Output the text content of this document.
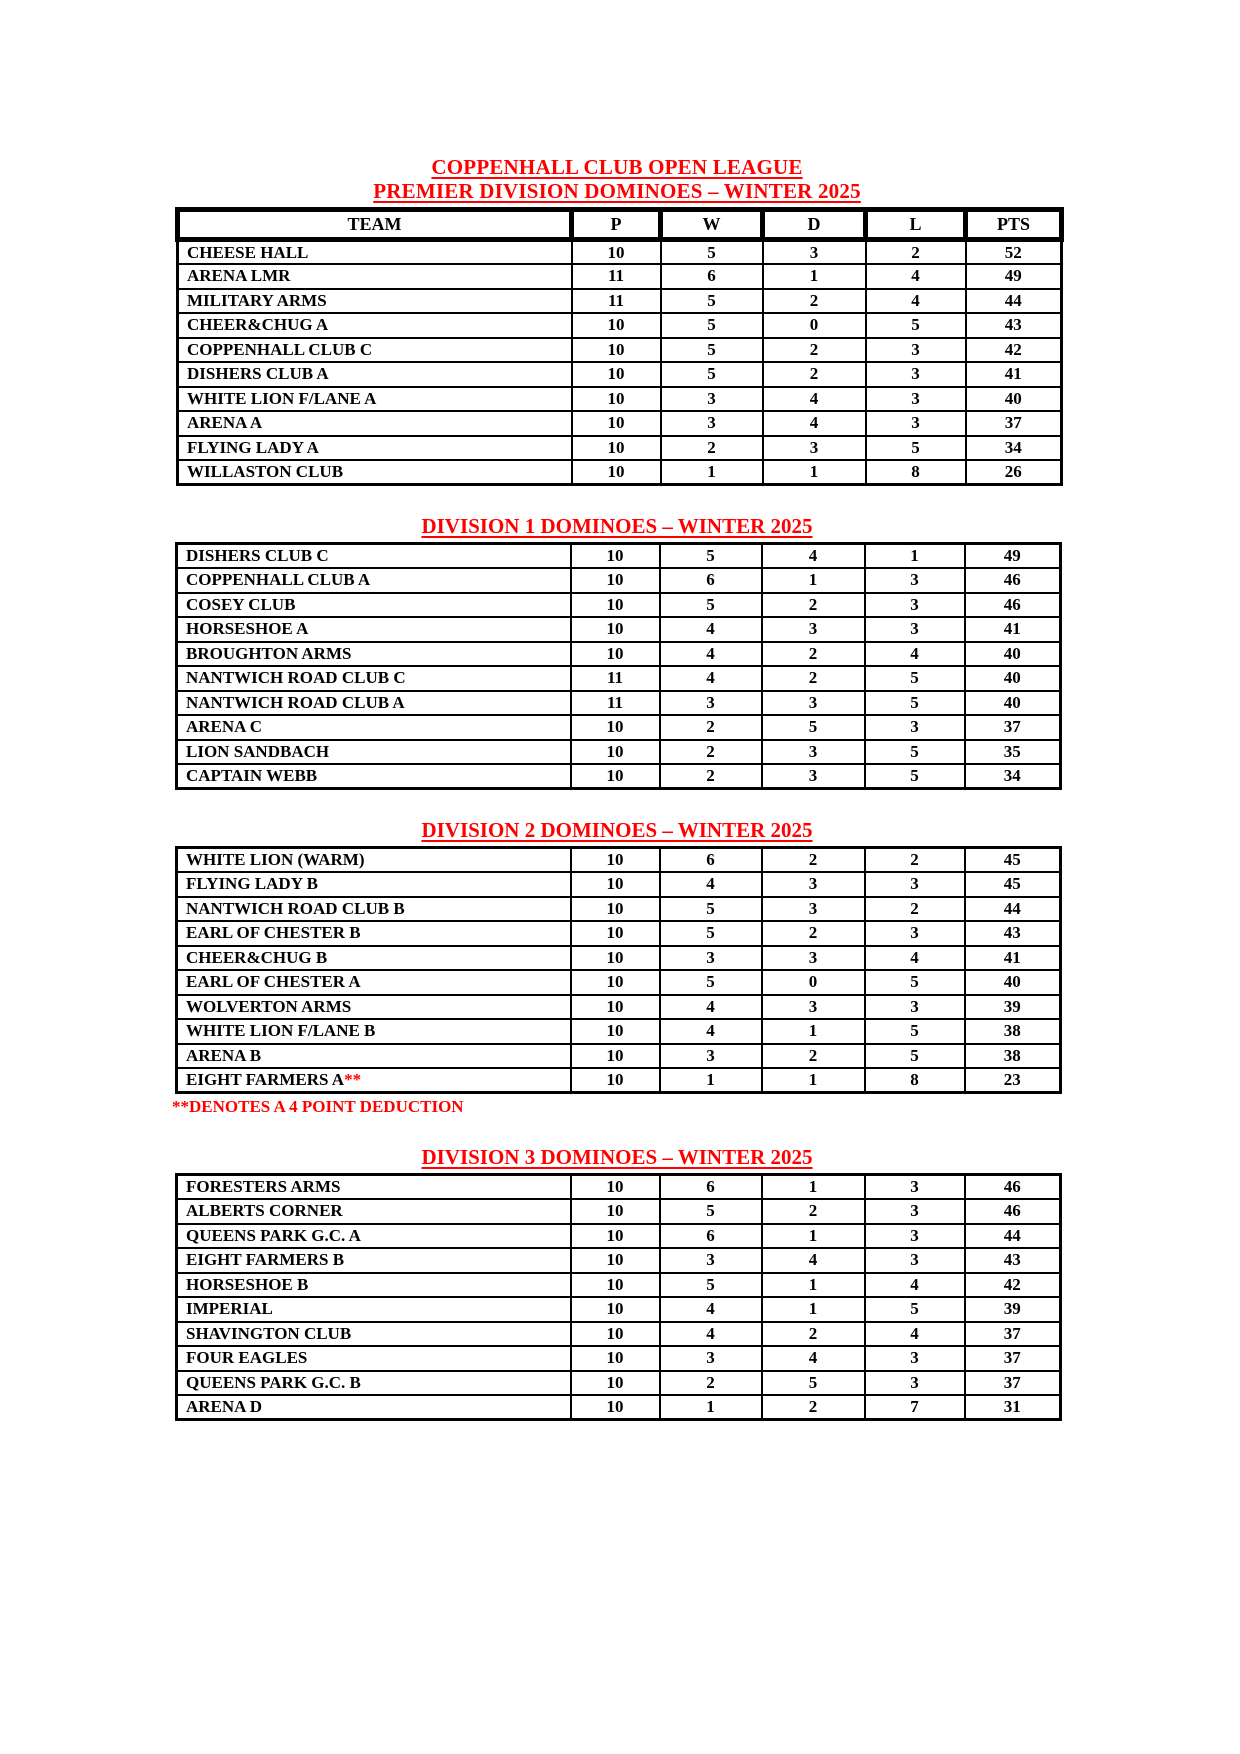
COPPENHALL CLUB OPEN LEAGUE
PREMIER DIVISION DOMINOES – WINTER 2025
TEAM	P	W	D	L	PTS
CHEESE HALL	10	5	3	2	52
ARENA LMR	11	6	1	4	49
MILITARY ARMS	11	5	2	4	44
CHEER&CHUG A	10	5	0	5	43
COPPENHALL CLUB C	10	5	2	3	42
DISHERS CLUB A	10	5	2	3	41
WHITE LION F/LANE A	10	3	4	3	40
ARENA A	10	3	4	3	37
FLYING LADY A	10	2	3	5	34
WILLASTON CLUB	10	1	1	8	26
DIVISION 1 DOMINOES – WINTER 2025
DISHERS CLUB C	10	5	4	1	49
COPPENHALL CLUB A	10	6	1	3	46
COSEY CLUB	10	5	2	3	46
HORSESHOE A	10	4	3	3	41
BROUGHTON ARMS	10	4	2	4	40
NANTWICH ROAD CLUB C	11	4	2	5	40
NANTWICH ROAD CLUB A	11	3	3	5	40
ARENA C	10	2	5	3	37
LION SANDBACH	10	2	3	5	35
CAPTAIN WEBB	10	2	3	5	34
DIVISION 2 DOMINOES – WINTER 2025
WHITE LION (WARM)	10	6	2	2	45
FLYING LADY B	10	4	3	3	45
NANTWICH ROAD CLUB B	10	5	3	2	44
EARL OF CHESTER B	10	5	2	3	43
CHEER&CHUG B	10	3	3	4	41
EARL OF CHESTER A	10	5	0	5	40
WOLVERTON ARMS	10	4	3	3	39
WHITE LION F/LANE B	10	4	1	5	38
ARENA B	10	3	2	5	38
EIGHT FARMERS A**	10	1	1	8	23
**DENOTES A 4 POINT DEDUCTION
DIVISION 3 DOMINOES – WINTER 2025
FORESTERS ARMS	10	6	1	3	46
ALBERTS CORNER	10	5	2	3	46
QUEENS PARK G.C. A	10	6	1	3	44
EIGHT FARMERS B	10	3	4	3	43
HORSESHOE B	10	5	1	4	42
IMPERIAL	10	4	1	5	39
SHAVINGTON CLUB	10	4	2	4	37
FOUR EAGLES	10	3	4	3	37
QUEENS PARK G.C. B	10	2	5	3	37
ARENA D	10	1	2	7	31
